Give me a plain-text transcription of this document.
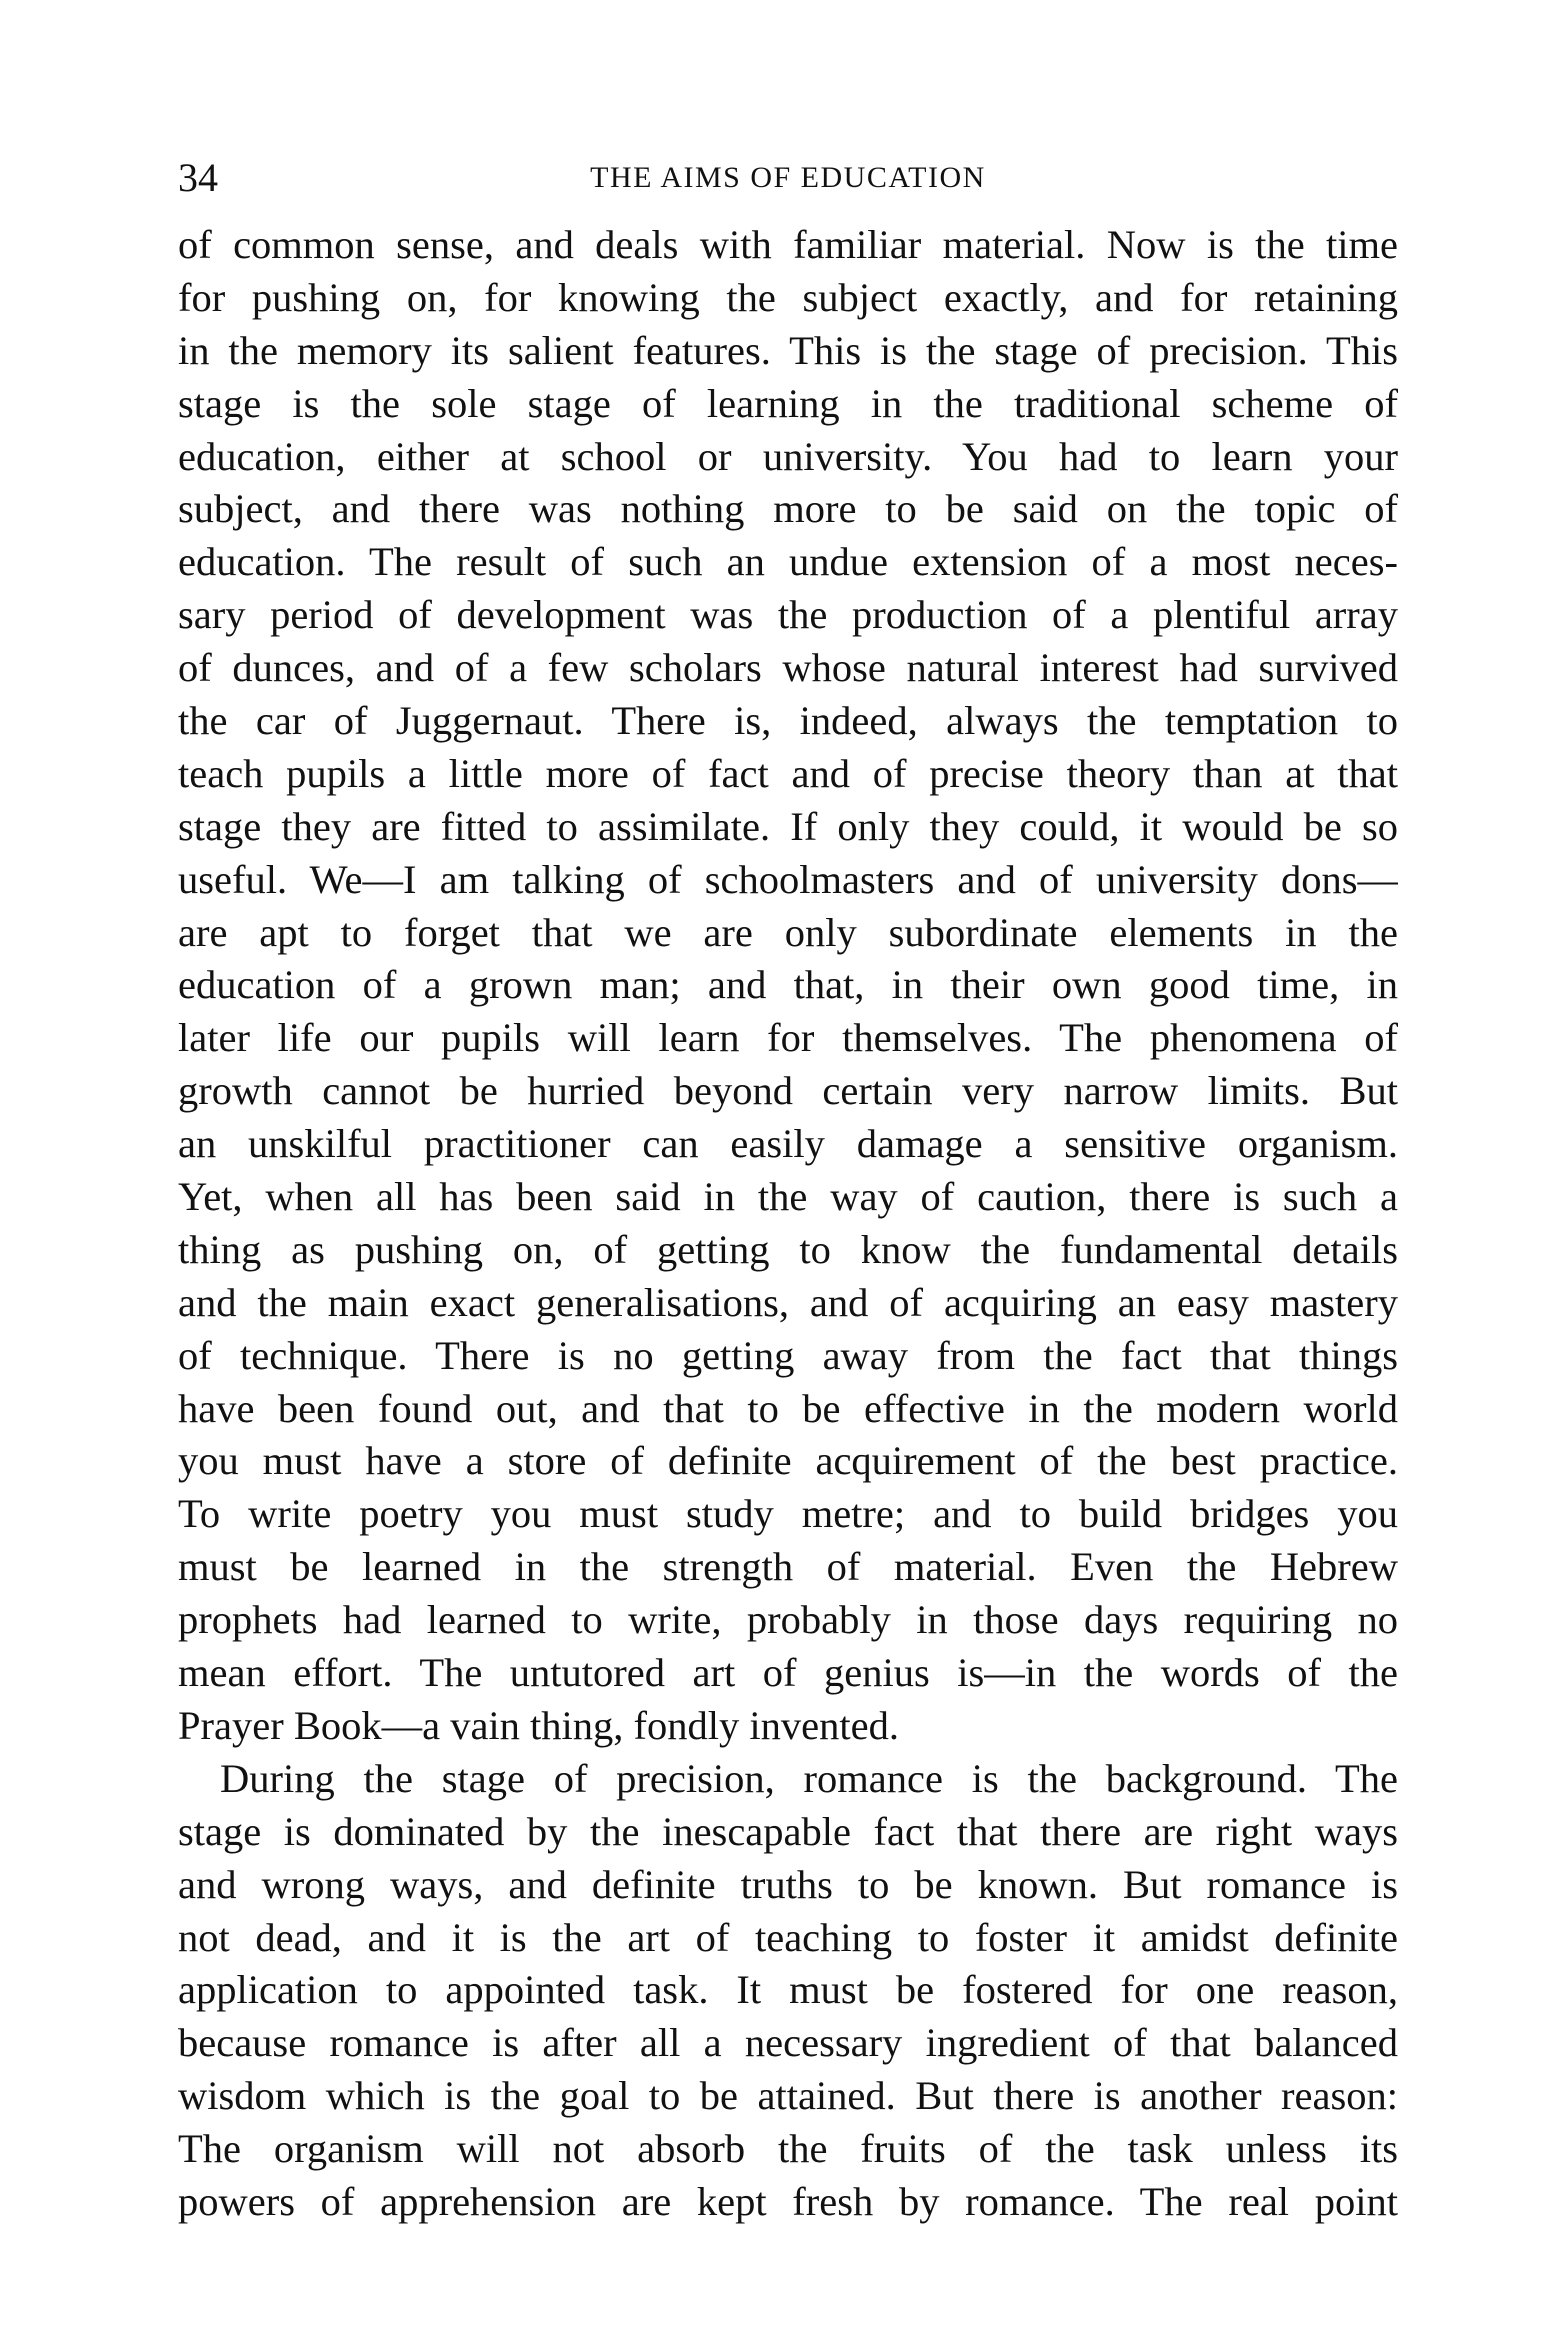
34	THE AIMS OF EDUCATION
of common sense, and deals with familiar material. Now is the time
for pushing on, for knowing the subject exactly, and for retaining
in the memory its salient features. This is the stage of precision. This
stage is the sole stage of learning in the traditional scheme of
education, either at school or university. You had to learn your
subject, and there was nothing more to be said on the topic of
education. The result of such an undue extension of a most neces-
sary period of development was the production of a plentiful array
of dunces, and of a few scholars whose natural interest had survived
the car of Juggernaut. There is, indeed, always the temptation to
teach pupils a little more of fact and of precise theory than at that
stage they are fitted to assimilate. If only they could, it would be so
useful. We—I am talking of schoolmasters and of university dons—
are apt to forget that we are only subordinate elements in the
education of a grown man; and that, in their own good time, in
later life our pupils will learn for themselves. The phenomena of
growth cannot be hurried beyond certain very narrow limits. But
an unskilful practitioner can easily damage a sensitive organism.
Yet, when all has been said in the way of caution, there is such a
thing as pushing on, of getting to know the fundamental details
and the main exact generalisations, and of acquiring an easy mastery
of technique. There is no getting away from the fact that things
have been found out, and that to be effective in the modern world
you must have a store of definite acquirement of the best practice.
To write poetry you must study metre; and to build bridges you
must be learned in the strength of material. Even the Hebrew
prophets had learned to write, probably in those days requiring no
mean effort. The untutored art of genius is—in the words of the
Prayer Book—a vain thing, fondly invented.
During the stage of precision, romance is the background. The
stage is dominated by the inescapable fact that there are right ways
and wrong ways, and definite truths to be known. But romance is
not dead, and it is the art of teaching to foster it amidst definite
application to appointed task. It must be fostered for one reason,
because romance is after all a necessary ingredient of that balanced
wisdom which is the goal to be attained. But there is another reason:
The organism will not absorb the fruits of the task unless its
powers of apprehension are kept fresh by romance. The real point
